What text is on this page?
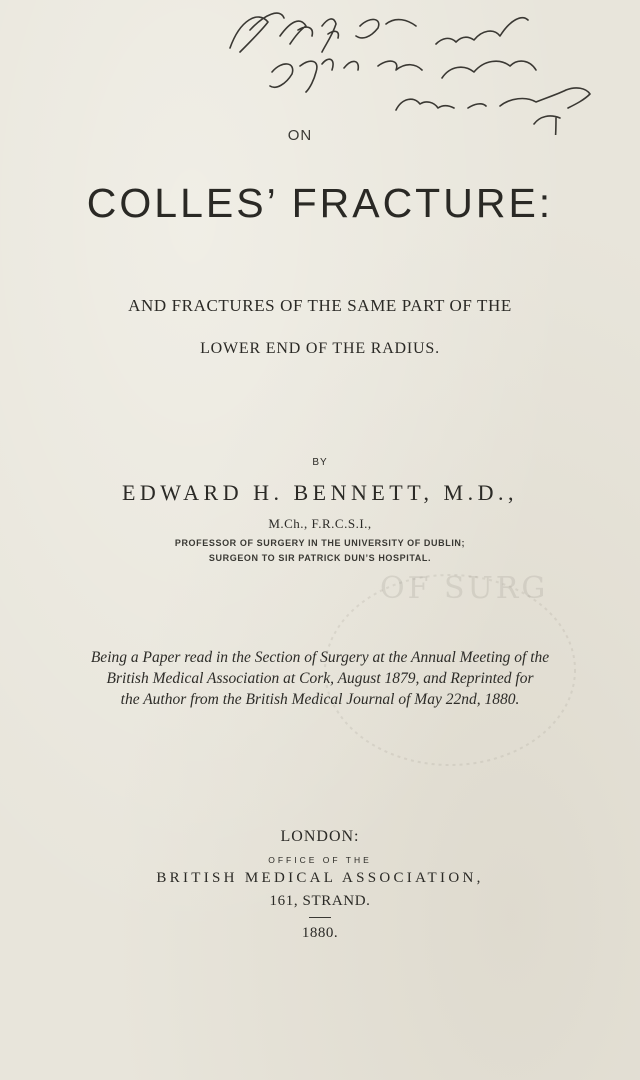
ON
COLLES’ FRACTURE:
AND FRACTURES OF THE SAME PART OF THE
LOWER END OF THE RADIUS.
BY
EDWARD H. BENNETT, M.D.,
M.Ch., F.R.C.S.I.,
PROFESSOR OF SURGERY IN THE UNIVERSITY OF DUBLIN;
SURGEON TO SIR PATRICK DUN’S HOSPITAL.
OF SURG
Being a Paper read in the Section of Surgery at the Annual Meeting of the
British Medical Association at Cork, August 1879, and Reprinted for
the Author from the British Medical Journal of May 22nd, 1880.
LONDON:
OFFICE OF THE
BRITISH MEDICAL ASSOCIATION,
161, STRAND.
1880.
